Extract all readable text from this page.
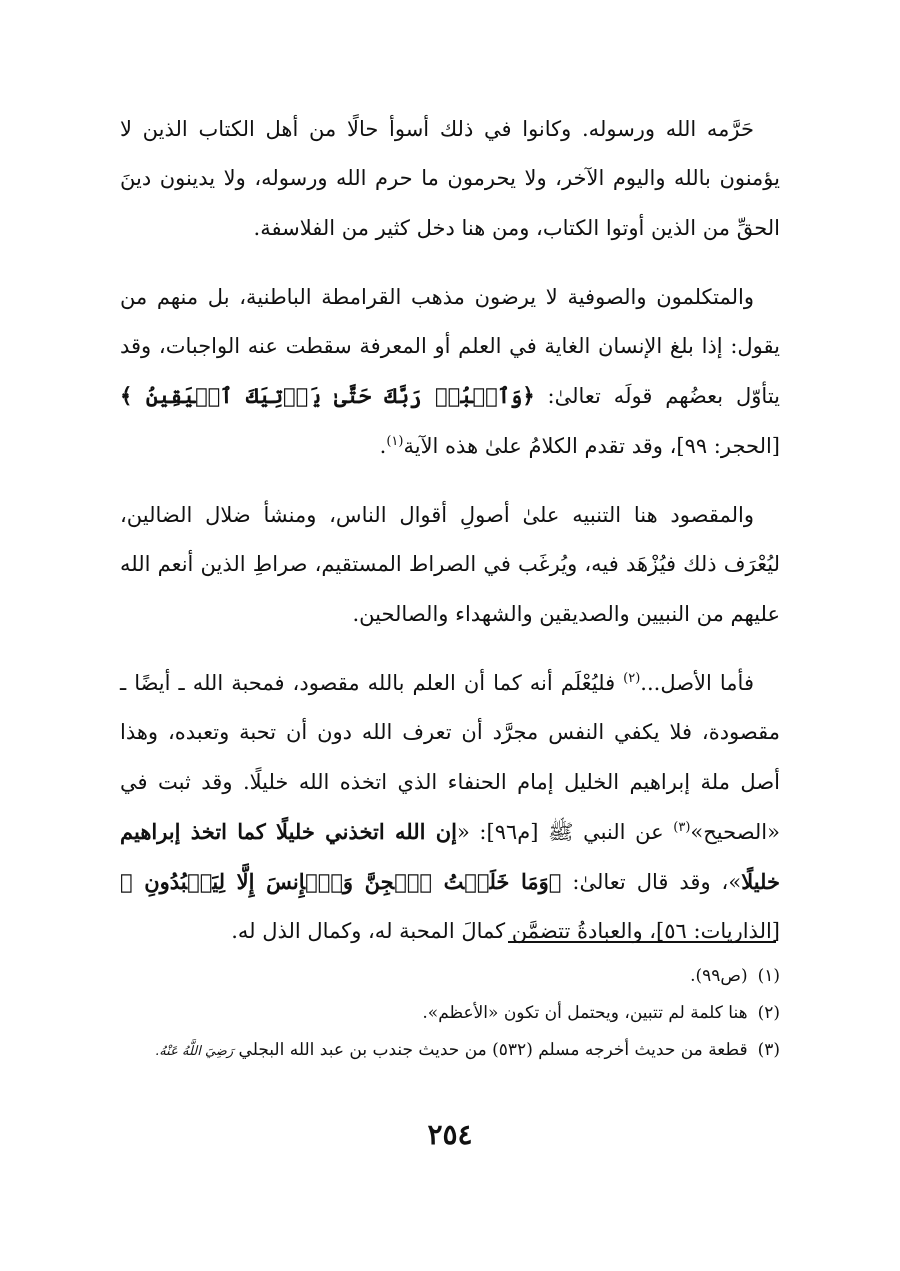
حَرَّمه الله ورسوله. وكانوا في ذلك أسوأ حالًا من أهل الكتاب الذين لا يؤمنون بالله واليوم الآخر، ولا يحرمون ما حرم الله ورسوله، ولا يدينون دينَ الحقِّ من الذين أوتوا الكتاب، ومن هنا دخل كثير من الفلاسفة.

والمتكلمون والصوفية لا يرضون مذهب القرامطة الباطنية، بل منهم من يقول: إذا بلغ الإنسان الغاية في العلم أو المعرفة سقطت عنه الواجبات، وقد يتأوّل بعضُهم قولَه تعالىٰ: ﴿وَٱعۡبُدۡ رَبَّكَ حَتَّىٰ يَأۡتِيَكَ ٱلۡيَقِينُ ﴾ [الحجر: ٩٩]، وقد تقدم الكلامُ علىٰ هذه الآية$^{(١)}$.

والمقصود هنا التنبيه علىٰ أصولِ أقوال الناس، ومنشأ ضلال الضالين، ليُعْرَف ذلك فيُزْهَد فيه، ويُرغَب في الصراط المستقيم، صراطِ الذين أنعم الله عليهم من النبيين والصديقين والشهداء والصالحين.

فأما الأصل...$^{(٢)}$ فليُعْلَم أنه كما أن العلم بالله مقصود، فمحبة الله ـ أيضًا ـ مقصودة، فلا يكفي النفس مجرَّد أن تعرف الله دون أن تحبة وتعبده، وهذا أصل ملة إبراهيم الخليل إمام الحنفاء الذي اتخذه الله خليلًا. وقد ثبت في «الصحيح»$^{(٣)}$ عن النبي ﷺ [م٩٦]: «إن الله اتخذني خليلًا كما اتخذ إبراهيم خليلًا»، وقد قال تعالىٰ: ﴿وَمَا خَلَقۡتُ ٱلۡجِنَّ وَٱلۡإِنسَ إِلَّا لِيَعۡبُدُونِ ﴾ [الذاريات: ٥٦]، والعبادةُ تتضمَّن كمالَ المحبة له، وكمال الذل له.

(١)
(ص٩٩).
(٢)
هنا كلمة لم تتبين، ويحتمل أن تكون «الأعظم».
(٣)
قطعة من حديث أخرجه مسلم (٥٣٢) من حديث جندب بن عبد الله البجلي رَضِيَ اللَّهُ عَنْهُ.
٢٥٤
